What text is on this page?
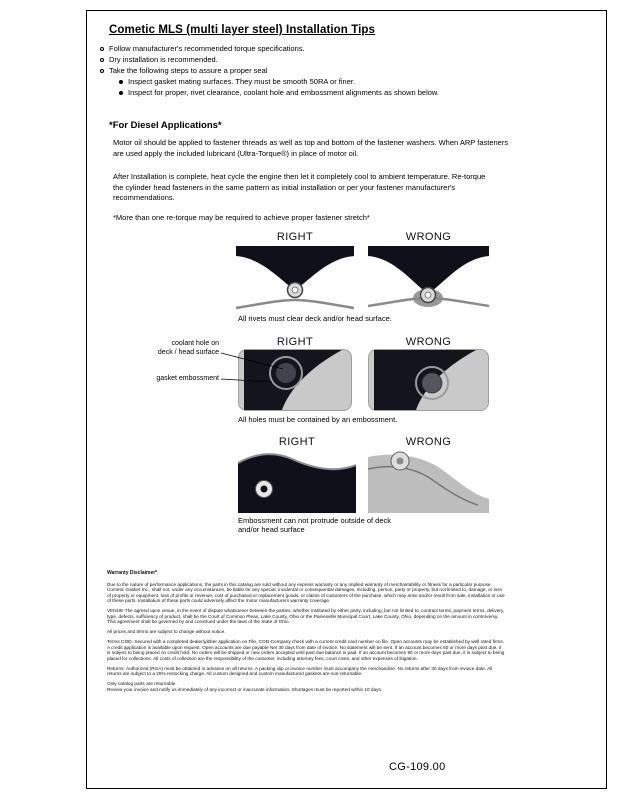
Cometic MLS (multi layer steel) Installation Tips
Follow manufacturer's recommended torque specifications.
Dry installation is recommended.
Take the following steps to assure a proper seal
Inspect gasket mating surfaces. They must be smooth 50RA or finer.
Inspect for proper, rivet clearance, coolant hole and embossment alignments as shown below.
*For Diesel Applications*

Motor oil should be applied to fastener threads as well as top and bottom of the fastener washers. When ARP fasteners are used apply the included lubricant (Ultra-Torque®) in place of motor oil.

After Installation is complete, heat cycle the engine then let it completely cool to ambient temperature. Re-torque the cylinder head fasteners in the same pattern as initial installation or per your fastener manufacturer's recommendations.

*More than one re-torque may be required to achieve proper fastener stretch*

RIGHT	WRONG
All rivets must clear deck and/or head surface.
RIGHT	WRONG
coolant hole on
deck / head surface
gasket embossment
All holes must be contained by an embossment.
RIGHT	WRONG
Embossment can not protrude outside of deck and/or head surface

Warranty Disclaimer*

Due to the nature of performance applications, the parts in this catalog are sold without any express warranty or any implied warranty of merchantability or fitness for a particular purpose. Cometic Gasket Inc., shall not, under any circumstances, be liable for any special, incidental or consequential damages, including, person, party or property, but not limited to, damage, or loss of property or equipment, loss of profits or revenue, cost of purchased or replacement goods, or claims of customers of the purchase, which may arise and/or result from sale, installation or use of these parts. Installation of these parts could adversely affect the motor manufacturers warranty coverage.

VENUE-The agreed upon venue, in the event of dispute whatsoever between the parties, whether instituted by either party, including, but not limited to, contract terms, payment terms, delivery, type, defects, sufficiency of product, shall be the Court of Common Pleas, Lake County, Ohio or the Painesville Municipal Court, Lake County, Ohio, depending on the amount in controversy.

This agreement shall be governed by and construed under the laws of the State of Ohio.

All prices and terms are subject to change without notice.

Terms COD- Secured with a completed dealer/jobber application on File, COD-Company check with a current credit card number on file. Open accounts may be established by well rated firms. A credit application is available upon request. Open accounts are due payable Net 30 days from date of invoice. No statement will be sent. If an account becomes 60 or more days past due, it is subject to being placed on credit hold. No orders will be shipped or new orders accepted until past due balance is paid. If an account becomes 90 or more days past due, it is subject to being placed for collections. All costs of collection are the responsibility of the customer, including attorney fees, court costs, and other expenses of litigation.

Returns- Authorized (RGA) must be obtained in advance on all returns. A packing slip or invoice number must accompany the merchandise. No returns after 30 days from invoice date. All returns are subject to a 25% restocking charge. All custom designed and custom manufactured gaskets are non-returnable.

Only catalog parts are returnable.

Review your invoice and notify us immediately of any incorrect or inaccurate information. Shortages must be reported within 10 days.

CG-109.00
